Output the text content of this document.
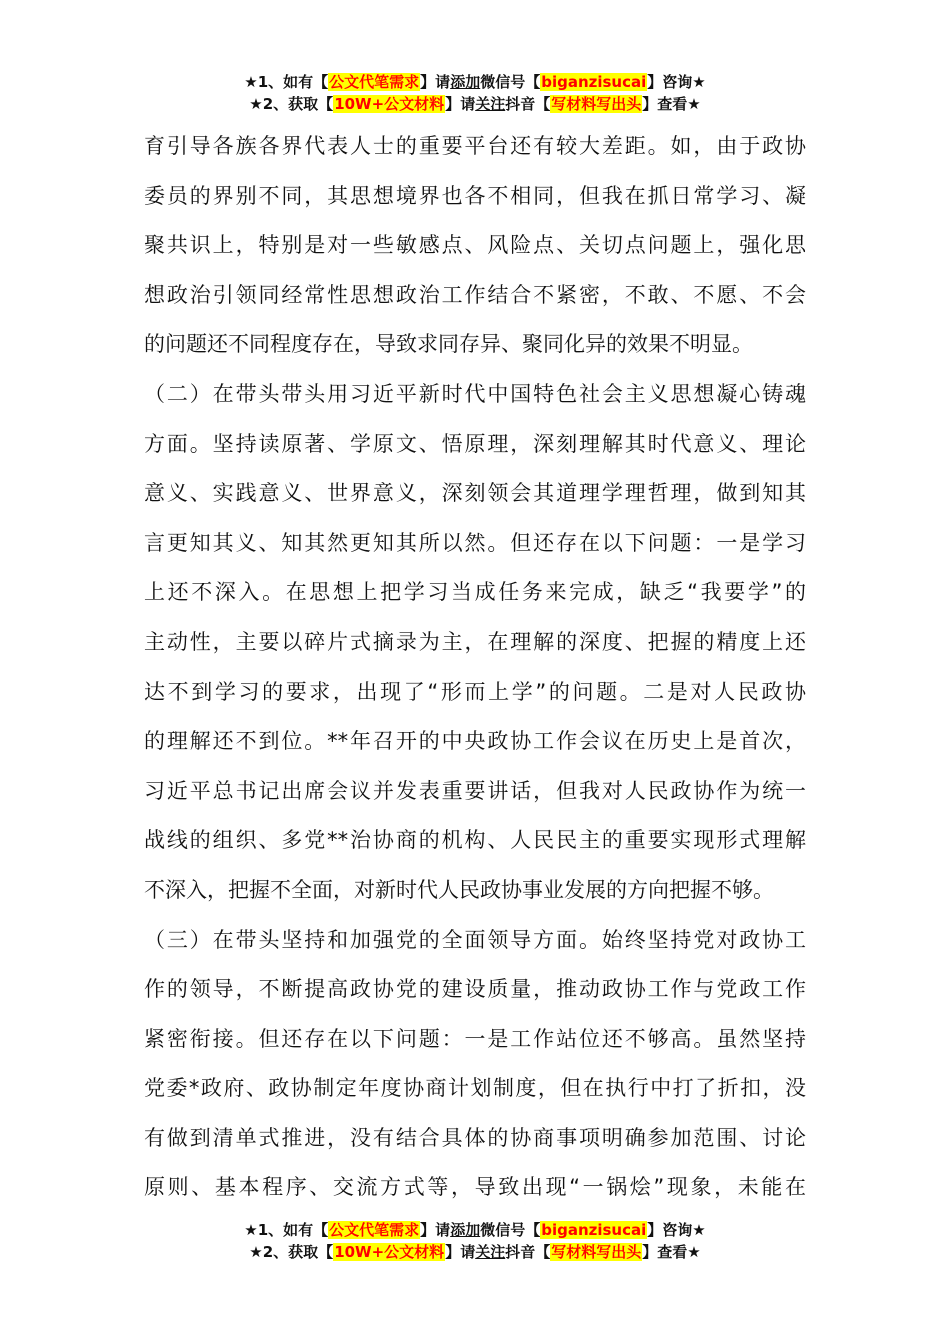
★1、如有【公文代笔需求】请添加微信号【biganzisucai】咨询★
★2、获取【10W+公文材料】请关注抖音【写材料写出头】查看★
育引导各族各界代表人士的重要平台还有较大差距。如，由于政协
委员的界别不同，其思想境界也各不相同，但我在抓日常学习、凝
聚共识上，特别是对一些敏感点、风险点、关切点问题上，强化思
想政治引领同经常性思想政治工作结合不紧密，不敢、不愿、不会
的问题还不同程度存在，导致求同存异、聚同化异的效果不明显。
（二）在带头带头用习近平新时代中国特色社会主义思想凝心铸魂
方面。坚持读原著、学原文、悟原理，深刻理解其时代意义、理论
意义、实践意义、世界意义，深刻领会其道理学理哲理，做到知其
言更知其义、知其然更知其所以然。但还存在以下问题：一是学习
上还不深入。在思想上把学习当成任务来完成，缺乏“我要学”的
主动性，主要以碎片式摘录为主，在理解的深度、把握的精度上还
达不到学习的要求，出现了“形而上学”的问题。二是对人民政协
的理解还不到位。**年召开的中央政协工作会议在历史上是首次，
习近平总书记出席会议并发表重要讲话，但我对人民政协作为统一
战线的组织、多党**治协商的机构、人民民主的重要实现形式理解
不深入，把握不全面，对新时代人民政协事业发展的方向把握不够。
（三）在带头坚持和加强党的全面领导方面。始终坚持党对政协工
作的领导，不断提高政协党的建设质量，推动政协工作与党政工作
紧密衔接。但还存在以下问题：一是工作站位还不够高。虽然坚持
党委*政府、政协制定年度协商计划制度，但在执行中打了折扣，没
有做到清单式推进，没有结合具体的协商事项明确参加范围、讨论
原则、基本程序、交流方式等，导致出现“一锅烩”现象，未能在
★1、如有【公文代笔需求】请添加微信号【biganzisucai】咨询★
★2、获取【10W+公文材料】请关注抖音【写材料写出头】查看★
